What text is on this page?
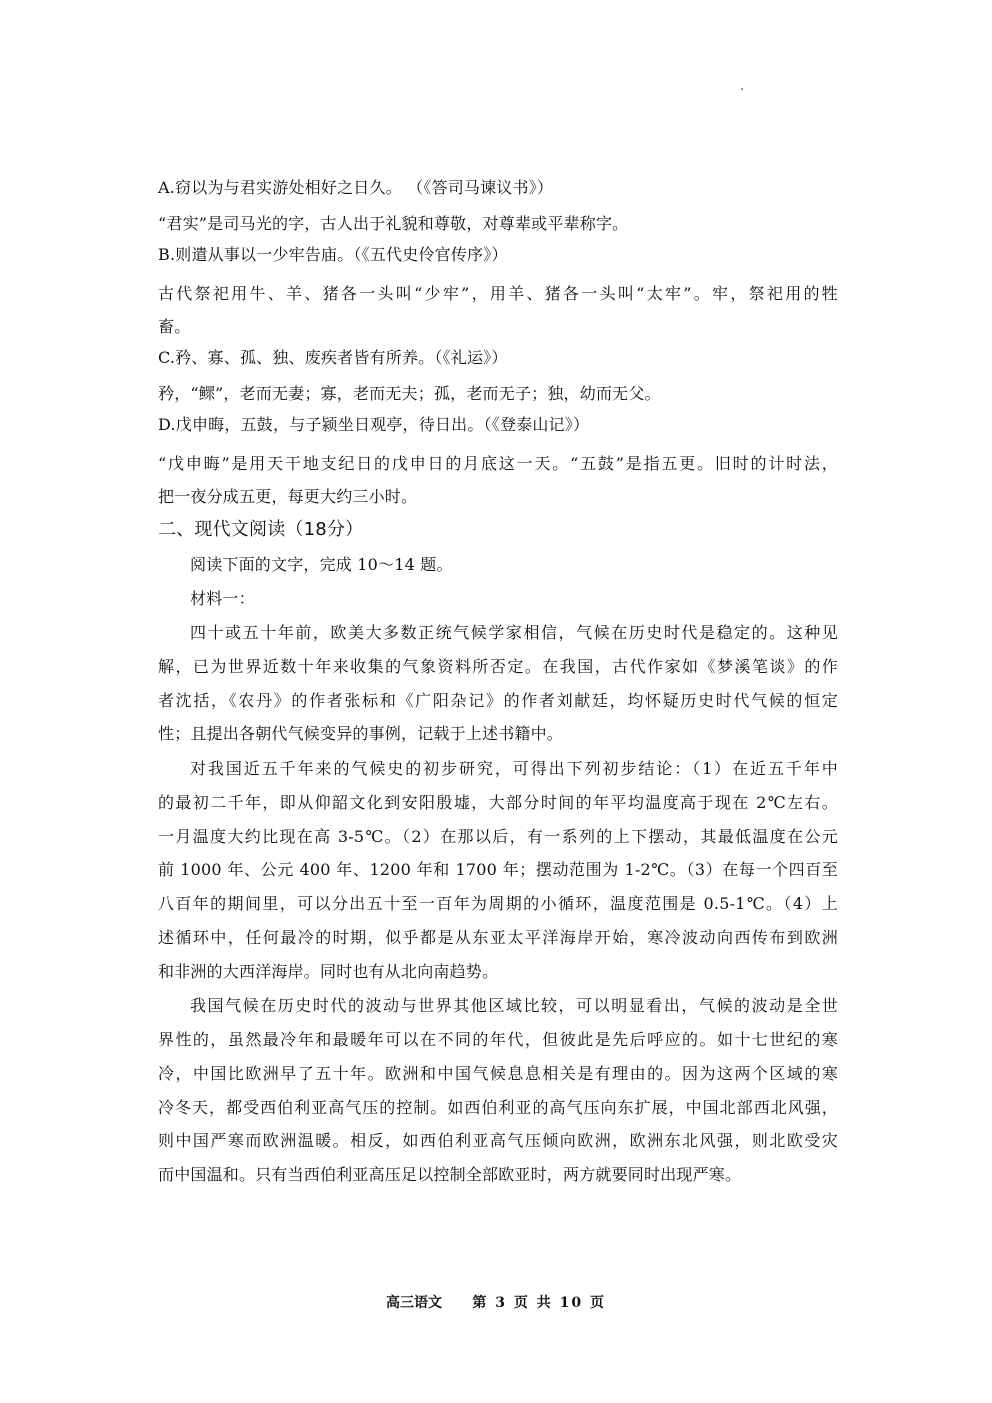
A.窃以为与君实游处相好之日久。 （《答司马谏议书》）
“君实”是司马光的字，古人出于礼貌和尊敬，对尊辈或平辈称字。
B.则遣从事以一少牢告庙。（《五代史伶官传序》）
古代祭祀用牛、羊、猪各一头叫“少牢”，用羊、猪各一头叫“太牢”。牢，祭祀用的牲
畜。
C.矜、寡、孤、独、废疾者皆有所养。（《礼运》）
矜，“鳏”，老而无妻；寡，老而无夫；孤，老而无子；独，幼而无父。
D.戊申晦，五鼓，与子颍坐日观亭，待日出。（《登泰山记》）
“戊申晦”是用天干地支纪日的戊申日的月底这一天。“五鼓”是指五更。旧时的计时法，
把一夜分成五更，每更大约三小时。
二、现代文阅读（18分）
阅读下面的文字，完成 10～14 题。
材料一：
四十或五十年前，欧美大多数正统气候学家相信，气候在历史时代是稳定的。这种见
解，已为世界近数十年来收集的气象资料所否定。在我国，古代作家如《梦溪笔谈》的作
者沈括，《农丹》的作者张标和《广阳杂记》的作者刘献廷，均怀疑历史时代气候的恒定
性；且提出各朝代气候变异的事例，记载于上述书籍中。
对我国近五千年来的气候史的初步研究，可得出下列初步结论：（1）在近五千年中
的最初二千年，即从仰韶文化到安阳殷墟，大部分时间的年平均温度高于现在 2℃左右。
一月温度大约比现在高 3-5℃。（2）在那以后，有一系列的上下摆动，其最低温度在公元
前 1000 年、公元 400 年、1200 年和 1700 年；摆动范围为 1-2℃。（3）在每一个四百至
八百年的期间里，可以分出五十至一百年为周期的小循环，温度范围是 0.5-1℃。（4）上
述循环中，任何最冷的时期，似乎都是从东亚太平洋海岸开始，寒冷波动向西传布到欧洲
和非洲的大西洋海岸。同时也有从北向南趋势。
我国气候在历史时代的波动与世界其他区域比较，可以明显看出，气候的波动是全世
界性的，虽然最冷年和最暖年可以在不同的年代，但彼此是先后呼应的。如十七世纪的寒
冷，中国比欧洲早了五十年。欧洲和中国气候息息相关是有理由的。因为这两个区域的寒
冷冬天，都受西伯利亚高气压的控制。如西伯利亚的高气压向东扩展，中国北部西北风强，
则中国严寒而欧洲温暖。相反，如西伯利亚高气压倾向欧洲，欧洲东北风强，则北欧受灾
而中国温和。只有当西伯利亚高压足以控制全部欧亚时，两方就要同时出现严寒。
高三语文 第 3 页 共 10 页
